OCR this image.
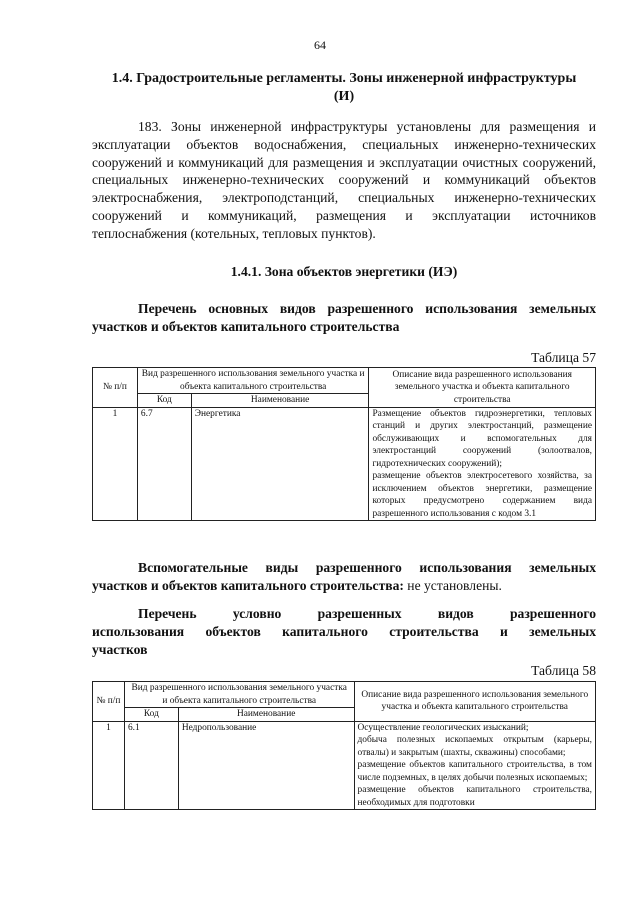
64
1.4. Градостроительные регламенты. Зоны инженерной инфраструктуры
(И)
183. Зоны инженерной инфраструктуры установлены для размещения и эксплуатации объектов водоснабжения, специальных инженерно-технических сооружений и коммуникаций для размещения и эксплуатации очистных сооружений, специальных инженерно-технических сооружений и коммуникаций объектов электроснабжения, электроподстанций, специальных инженерно-технических сооружений и коммуникаций, размещения и эксплуатации источников теплоснабжения (котельных, тепловых пунктов).
1.4.1. Зона объектов энергетики (ИЭ)
Перечень основных видов разрешенного использования земельных участков и объектов капитального строительства
Таблица 57
№ п/п	Вид разрешенного использования земельного участка и объекта капитального строительства		Описание вида разрешенного использования земельного участка и объекта капитального строительства
	Код	Наименование	
1	6.7	Энергетика	Размещение объектов гидроэнергетики, тепловых станций и других электростанций, размещение обслуживающих и вспомогательных для электростанций сооружений (золоотвалов, гидротехнических сооружений);
размещение объектов электросетевого хозяйства, за исключением объектов энергетики, размещение которых предусмотрено содержанием вида разрешенного использования с кодом 3.1
Вспомогательные виды разрешенного использования земельных участков и объектов капитального строительства: не установлены.
Перечень условно разрешенных видов разрешенного
использования объектов капитального строительства и земельных
участков
Таблица 58
№ п/п	Вид разрешенного использования земельного участка и объекта капитального строительства		Описание вида разрешенного использования земельного участка и объекта капитального строительства
	Код	Наименование	
1	6.1	Недропользование	Осуществление геологических изысканий;
добыча полезных ископаемых открытым (карьеры, отвалы) и закрытым (шахты, скважины) способами;
размещение объектов капитального строительства, в том числе подземных, в целях добычи полезных ископаемых;
размещение объектов капитального строительства, необходимых для подготовки
